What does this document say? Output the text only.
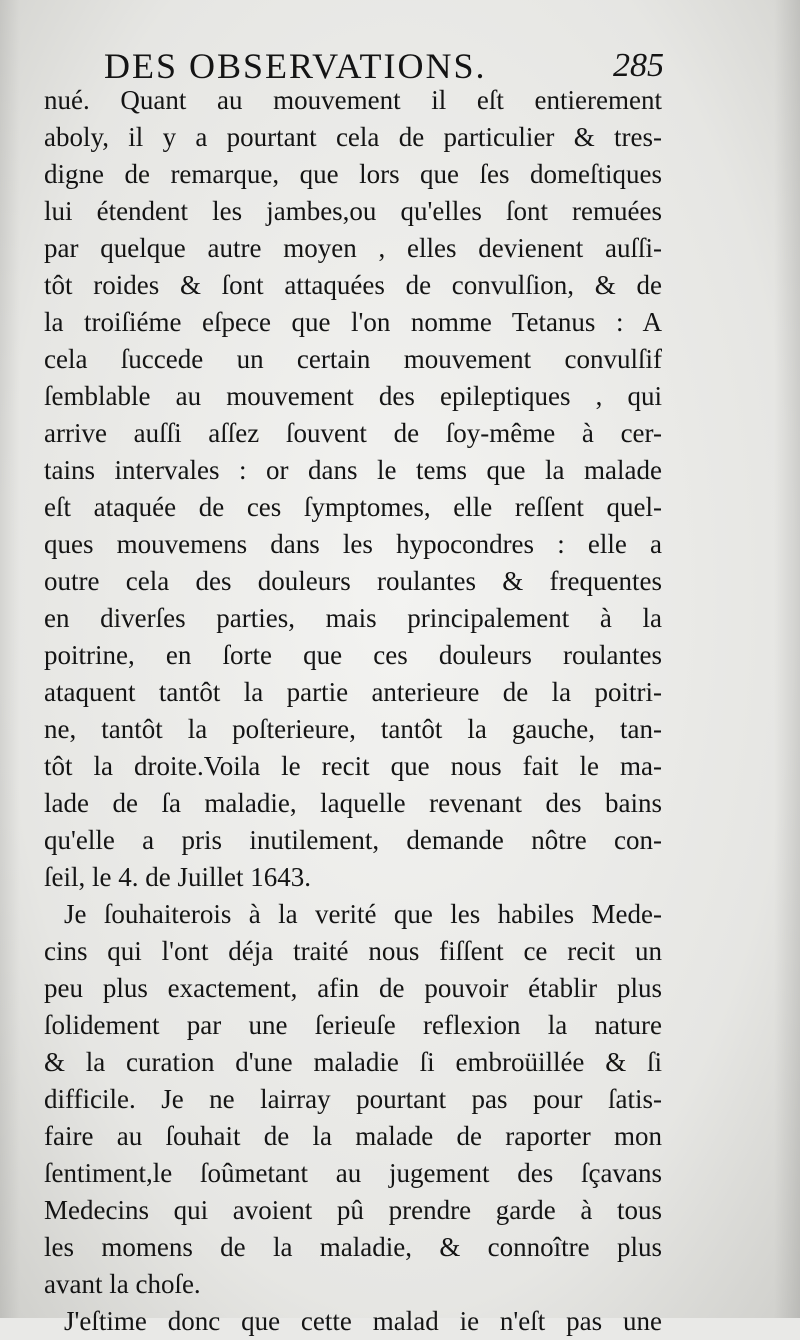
DES OBSERVATIONS.	285
nué. Quant au mouvement il eſt entierement
aboly, il y a pourtant cela de particulier & tres-
digne de remarque, que lors que ſes domeſtiques
lui étendent les jambes,ou qu'elles ſont remuées
par quelque autre moyen , elles devienent auſſi-
tôt roides & ſont attaquées de convulſion, & de
la troiſiéme eſpece que l'on nomme Tetanus : A
cela ſuccede un certain mouvement convulſif
ſemblable au mouvement des epileptiques , qui
arrive auſſi aſſez ſouvent de ſoy-même à cer-
tains intervales : or dans le tems que la malade
eſt ataquée de ces ſymptomes, elle reſſent quel-
ques mouvemens dans les hypocondres : elle a
outre cela des douleurs roulantes & frequentes
en diverſes parties, mais principalement à la
poitrine, en ſorte que ces douleurs roulantes
ataquent tantôt la partie anterieure de la poitri-
ne, tantôt la poſterieure, tantôt la gauche, tan-
tôt la droite.Voila le recit que nous fait le ma-
lade de ſa maladie, laquelle revenant des bains
qu'elle a pris inutilement, demande nôtre con-
ſeil, le 4. de Juillet 1643.
Je ſouhaiterois à la verité que les habiles Mede-
cins qui l'ont déja traité nous fiſſent ce recit un
peu plus exactement, afin de pouvoir établir plus
ſolidement par une ſerieuſe reflexion la nature
& la curation d'une maladie ſi embroüillée & ſi
difficile. Je ne lairray pourtant pas pour ſatis-
faire au ſouhait de la malade de raporter mon
ſentiment,le ſoûmetant au jugement des ſçavans
Medecins qui avoient pû prendre garde à tous
les momens de la maladie, & connoître plus
avant la choſe.
J'eſtime donc que cette malad ie n'eſt pas une
